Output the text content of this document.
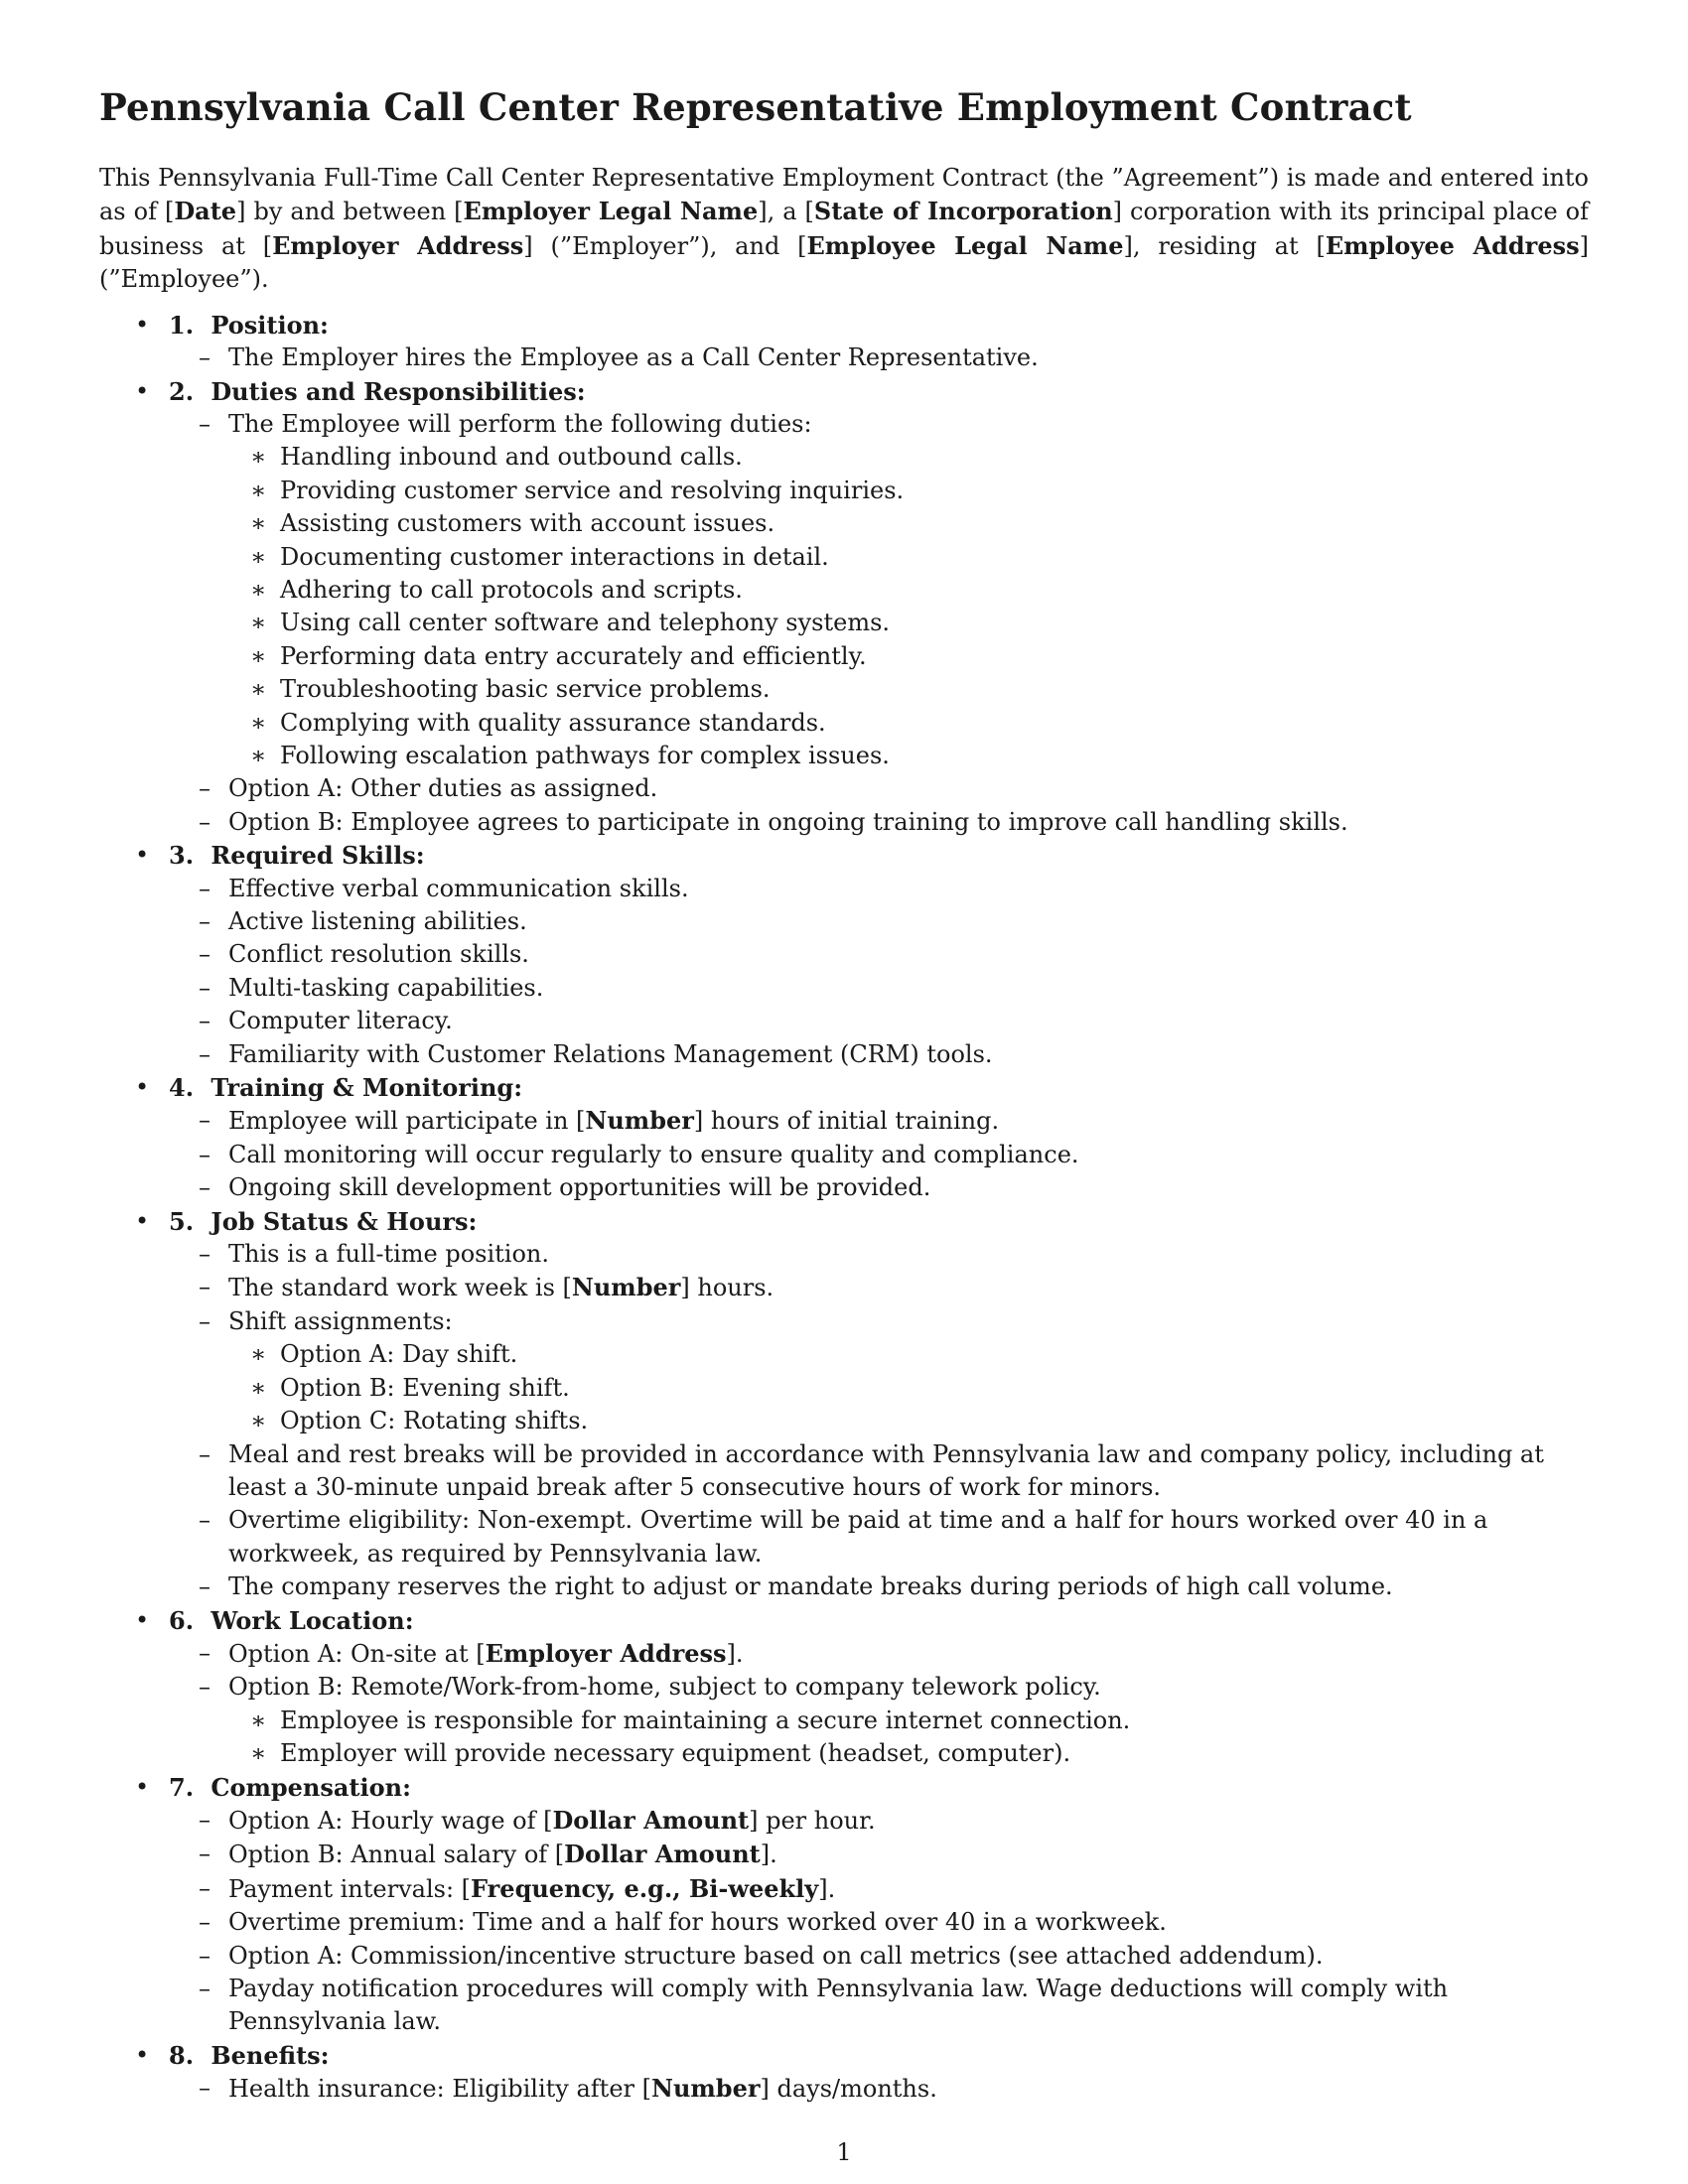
Pennsylvania Call Center Representative Employment Contract

This Pennsylvania Full-Time Call Center Representative Employment Contract (the ”Agreement”) is made and entered into as of [Date] by and between [Employer Legal Name], a [State of Incorporation] corporation with its principal place of business at [Employer Address] (”Employer”), and [Employee Legal Name], residing at [Employee Address] (”Employee”).

• 1. Position:
– The Employer hires the Employee as a Call Center Representative.
• 2. Duties and Responsibilities:
– The Employee will perform the following duties:
∗ Handling inbound and outbound calls.
∗ Providing customer service and resolving inquiries.
∗ Assisting customers with account issues.
∗ Documenting customer interactions in detail.
∗ Adhering to call protocols and scripts.
∗ Using call center software and telephony systems.
∗ Performing data entry accurately and efficiently.
∗ Troubleshooting basic service problems.
∗ Complying with quality assurance standards.
∗ Following escalation pathways for complex issues.
– Option A: Other duties as assigned.
– Option B: Employee agrees to participate in ongoing training to improve call handling skills.
• 3. Required Skills:
– Effective verbal communication skills.
– Active listening abilities.
– Conflict resolution skills.
– Multi-tasking capabilities.
– Computer literacy.
– Familiarity with Customer Relations Management (CRM) tools.
• 4. Training & Monitoring:
– Employee will participate in [Number] hours of initial training.
– Call monitoring will occur regularly to ensure quality and compliance.
– Ongoing skill development opportunities will be provided.
• 5. Job Status & Hours:
– This is a full-time position.
– The standard work week is [Number] hours.
– Shift assignments:
∗ Option A: Day shift.
∗ Option B: Evening shift.
∗ Option C: Rotating shifts.
– Meal and rest breaks will be provided in accordance with Pennsylvania law and company policy, including at least a 30-minute unpaid break after 5 consecutive hours of work for minors.
– Overtime eligibility: Non-exempt. Overtime will be paid at time and a half for hours worked over 40 in a workweek, as required by Pennsylvania law.
– The company reserves the right to adjust or mandate breaks during periods of high call volume.
• 6. Work Location:
– Option A: On-site at [Employer Address].
– Option B: Remote/Work-from-home, subject to company telework policy.
∗ Employee is responsible for maintaining a secure internet connection.
∗ Employer will provide necessary equipment (headset, computer).
• 7. Compensation:
– Option A: Hourly wage of [Dollar Amount] per hour.
– Option B: Annual salary of [Dollar Amount].
– Payment intervals: [Frequency, e.g., Bi-weekly].
– Overtime premium: Time and a half for hours worked over 40 in a workweek.
– Option A: Commission/incentive structure based on call metrics (see attached addendum).
– Payday notification procedures will comply with Pennsylvania law. Wage deductions will comply with Pennsylvania law.
• 8. Benefits:
– Health insurance: Eligibility after [Number] days/months.
1
